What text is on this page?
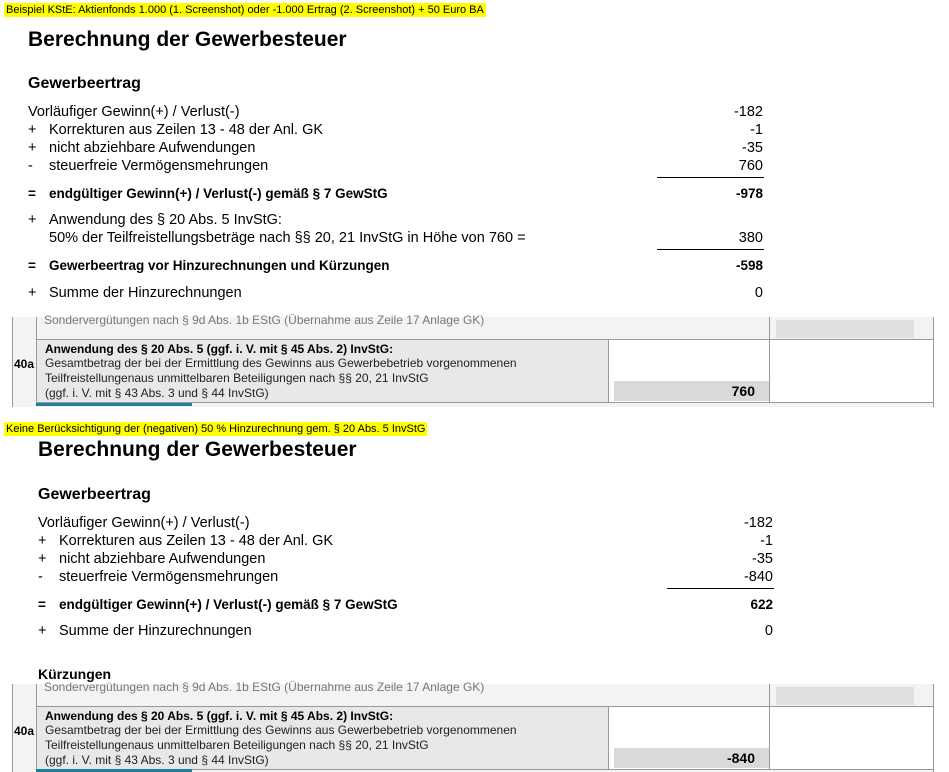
Beispiel KStE: Aktienfonds 1.000 (1. Screenshot) oder -1.000 Ertrag (2. Screenshot) + 50 Euro BA
Berechnung der Gewerbesteuer
Gewerbeertrag
Vorläufiger Gewinn(+) / Verlust(-)	-182
+ Korrekturen aus Zeilen 13 - 48 der Anl. GK	-1
+ nicht abziehbare Aufwendungen	-35
- steuerfreie Vermögensmehrungen	760
= endgültiger Gewinn(+) / Verlust(-) gemäß § 7 GewStG	-978
+ Anwendung des § 20 Abs. 5 InvStG:
50% der Teilfreistellungsbeträge nach §§ 20, 21 InvStG in Höhe von 760 =	380
= Gewerbeertrag vor Hinzurechnungen und Kürzungen	-598
+ Summe der Hinzurechnungen	0
Sondervergütungen nach § 9d Abs. 1b EStG (Übernahme aus Zeile 17 Anlage GK)
40a
Anwendung des § 20 Abs. 5 (ggf. i. V. mit § 45 Abs. 2) InvStG:
Gesamtbetrag der bei der Ermittlung des Gewinns aus Gewerbebetrieb vorgenommenen
Teilfreistellungenaus unmittelbaren Beteiligungen nach §§ 20, 21 InvStG
(ggf. i. V. mit § 43 Abs. 3 und § 44 InvStG)	760
Keine Berücksichtigung der (negativen) 50 % Hinzurechnung gem. § 20 Abs. 5 InvStG
Berechnung der Gewerbesteuer
Gewerbeertrag
Vorläufiger Gewinn(+) / Verlust(-)	-182
+ Korrekturen aus Zeilen 13 - 48 der Anl. GK	-1
+ nicht abziehbare Aufwendungen	-35
- steuerfreie Vermögensmehrungen	-840
= endgültiger Gewinn(+) / Verlust(-) gemäß § 7 GewStG	622
+ Summe der Hinzurechnungen	0
Kürzungen
Sondervergütungen nach § 9d Abs. 1b EStG (Übernahme aus Zeile 17 Anlage GK)
40a
Anwendung des § 20 Abs. 5 (ggf. i. V. mit § 45 Abs. 2) InvStG:
Gesamtbetrag der bei der Ermittlung des Gewinns aus Gewerbebetrieb vorgenommenen
Teilfreistellungenaus unmittelbaren Beteiligungen nach §§ 20, 21 InvStG
(ggf. i. V. mit § 43 Abs. 3 und § 44 InvStG)	-840
